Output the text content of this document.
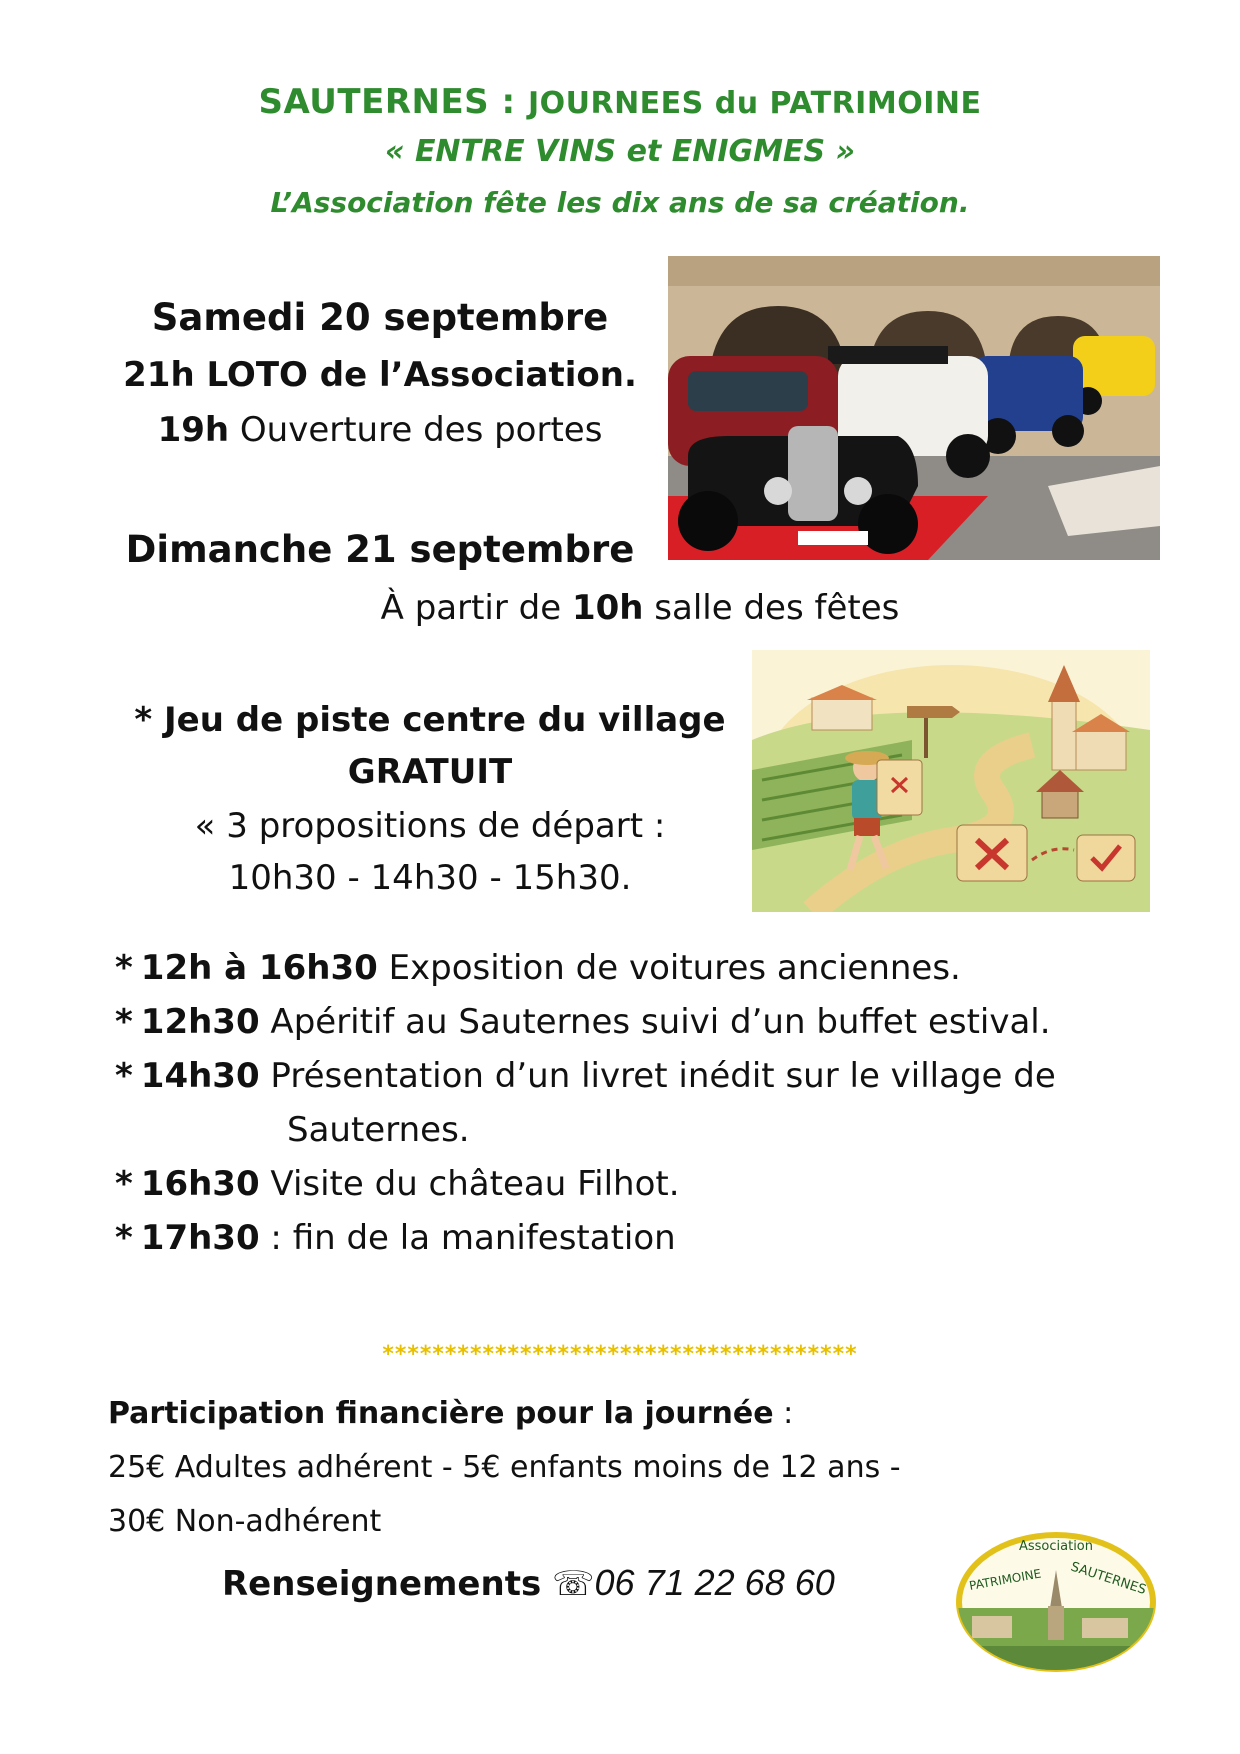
SAUTERNES : JOURNEES du PATRIMOINE
« ENTRE VINS et ENIGMES »
L’Association fête les dix ans de sa création.
Samedi 20 septembre
21h LOTO de l’Association.
19h Ouverture des portes
Dimanche 21 septembre
À partir de 10h salle des fêtes
* Jeu de piste centre du village
GRATUIT
« 3 propositions de départ :
10h30 - 14h30 - 15h30.
* 12h à 16h30 Exposition de voitures anciennes.
* 12h30 Apéritif au Sauternes suivi d’un buffet estival.
* 14h30 Présentation d’un livret inédit sur le village de
Sauternes.
* 16h30 Visite du château Filhot.
* 17h30 : fin de la manifestation
**************************************
Participation financière pour la journée :
25€ Adultes adhérent - 5€ enfants moins de 12 ans -
30€ Non-adhérent
Renseignements ☏06 71 22 68 60
Association
PATRIMOINE SAUTERNES
